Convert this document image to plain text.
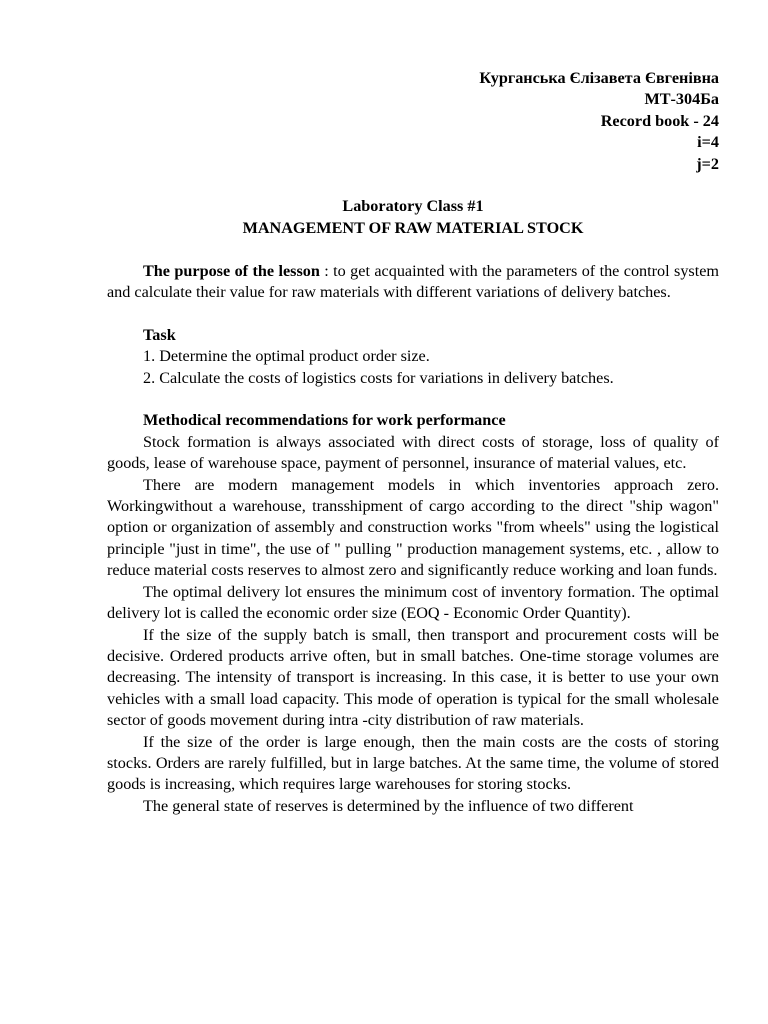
Курганська Єлізавета Євгенівна
МТ-304Ба
Record book - 24
i=4
j=2
Laboratory Class #1
MANAGEMENT OF RAW MATERIAL STOCK

The purpose of the lesson : to get acquainted with the parameters of the control system and calculate their value for raw materials with different variations of delivery batches.

Task
1. Determine the optimal product order size.
2. Calculate the costs of logistics costs for variations in delivery batches.
Methodical recommendations for work performance

Stock formation is always associated with direct costs of storage, loss of quality of goods, lease of warehouse space, payment of personnel, insurance of material values, etc.

There are modern management models in which inventories approach zero. Workingwithout a warehouse, transshipment of cargo according to the direct "ship wagon" option or organization of assembly and construction works "from wheels" using the logistical principle "just in time", the use of " pulling " production management systems, etc. , allow to reduce material costs reserves to almost zero and significantly reduce working and loan funds.

The optimal delivery lot ensures the minimum cost of inventory formation. The optimal delivery lot is called the economic order size (EOQ - Economic Order Quantity).

If the size of the supply batch is small, then transport and procurement costs will be decisive. Ordered products arrive often, but in small batches. One-time storage volumes are decreasing. The intensity of transport is increasing. In this case, it is better to use your own vehicles with a small load capacity. This mode of operation is typical for the small wholesale sector of goods movement during intra -city distribution of raw materials.

If the size of the order is large enough, then the main costs are the costs of storing stocks. Orders are rarely fulfilled, but in large batches. At the same time, the volume of stored goods is increasing, which requires large warehouses for storing stocks.

The general state of reserves is determined by the influence of two different
